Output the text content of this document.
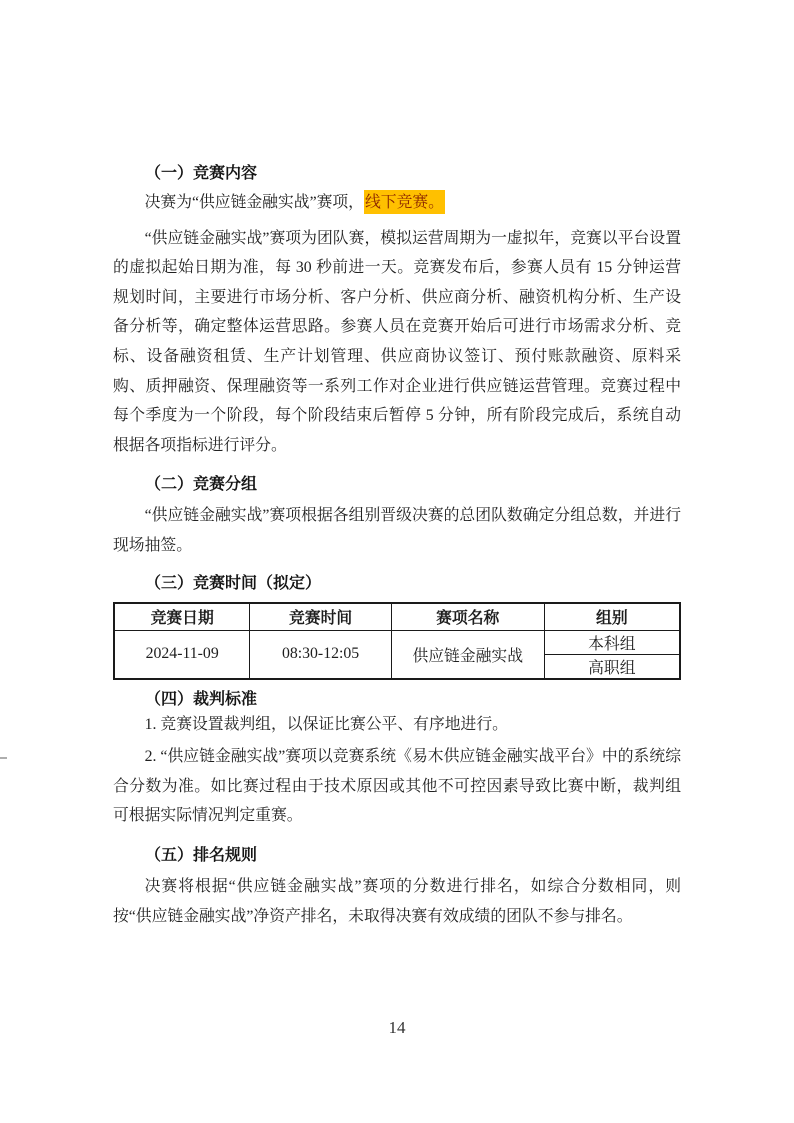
（一）竞赛内容

决赛为“供应链金融实战”赛项，线下竞赛。

“供应链金融实战”赛项为团队赛，模拟运营周期为一虚拟年，竞赛以平台设置的虚拟起始日期为准，每 30 秒前进一天。竞赛发布后，参赛人员有 15 分钟运营规划时间，主要进行市场分析、客户分析、供应商分析、融资机构分析、生产设备分析等，确定整体运营思路。参赛人员在竞赛开始后可进行市场需求分析、竞标、设备融资租赁、生产计划管理、供应商协议签订、预付账款融资、原料采购、质押融资、保理融资等一系列工作对企业进行供应链运营管理。竞赛过程中每个季度为一个阶段，每个阶段结束后暂停 5 分钟，所有阶段完成后，系统自动根据各项指标进行评分。

（二）竞赛分组

“供应链金融实战”赛项根据各组别晋级决赛的总团队数确定分组总数，并进行现场抽签。

（三）竞赛时间（拟定）
竞赛日期	竞赛时间	赛项名称	组别
2024-11-09	08:30-12:05	供应链金融实战	本科组
			高职组
（四）裁判标准

1. 竞赛设置裁判组，以保证比赛公平、有序地进行。

2. “供应链金融实战”赛项以竞赛系统《易木供应链金融实战平台》中的系统综合分数为准。如比赛过程由于技术原因或其他不可控因素导致比赛中断，裁判组可根据实际情况判定重赛。

（五）排名规则

决赛将根据“供应链金融实战”赛项的分数进行排名，如综合分数相同，则按“供应链金融实战”净资产排名，未取得决赛有效成绩的团队不参与排名。

14
